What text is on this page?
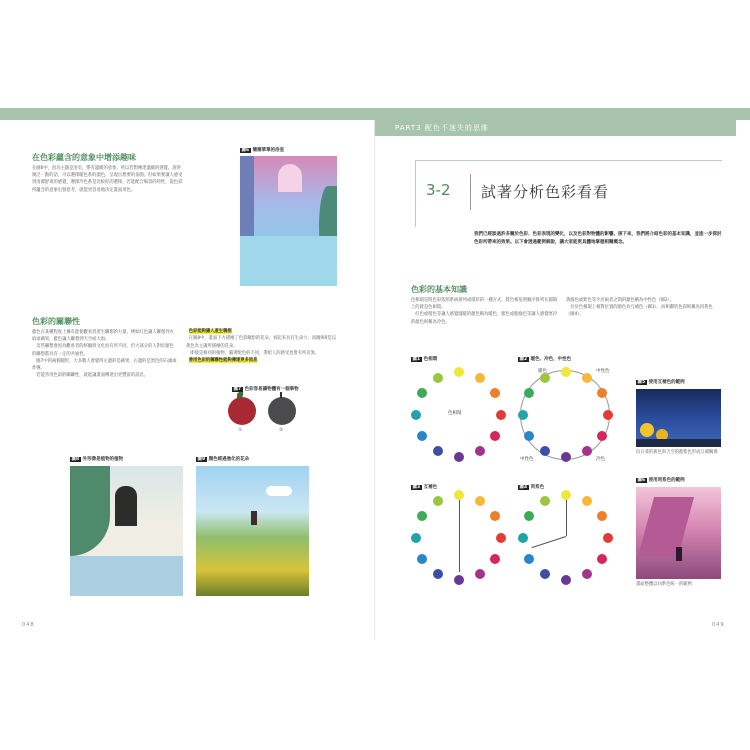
PART3
配色不迷失的思維
在色彩蘊含的意象中增添趣味
在圖6中，因為主題是浴室，帶有溫暖的意象，所以若想傳達溫暖的感覺，說得
廣泛一點的話，可以選擇暖色系的顏色，呈現出想要的氛圍。但如果要讓人感受
到清潔舒爽的感覺，選擇冷色系是比較好的選擇。若能配合場景的特性，從色彩
所蘊含的意象出發思考，就能更容易地決定畫面用色。
圖6 簡簡單單的浴室
色彩的關聯性
顏色在某種程度上擁有能使觀看者產生聯想的力量，例如紅色讓人聯想到火焰或蘋果，藍色讓人聯想到天空或大海。
　這些聯想會因為觀看者的經驗與文化而有所不同，但大部分的人對於顏色的聯想都具有一定的共通性。
　圖7中的兩個圓形，大多數人會覺得左邊的是蘋果，右邊的是黑色的石頭或炸彈。
　若能善用色彩的關聯性，就能讓畫面傳達出更豐富的訊息。

色彩能夠讓人產生聯想
在圖8中，畫面下方描繪了色彩繽紛的花朵，看起來具有生命力；而圖9則是以黃色為主調所描繪的花朵。
　即使是相同的植物，隨著配色的不同，帶給人的感受也會有所差異。
善用色彩的關聯性能夠傳達更多訊息

圖7 色彩容易讓物體有一個事物
①	②
圖8 外形像是植物的植物	圖9 顏色經過強化的花朵
048
3-2 試著分析色彩看看
我們已經談過許多關於色彩、色彩表現的變化，以及色彩對物體的影響。接下來，我們將介紹色彩的基本知識，並進一步探討色彩所帶來的效果。以下會透過範例解說，讓大家能更具體地掌握相關概念。
色彩的基本知識
色相環是將色彩依照系統排列成環狀的一種方式，將色相依照順序排列在圓環上的就是色相環。
　紅色或橙色等讓人感覺溫暖的顏色稱為暖色，藍色或藍綠色等讓人感覺寒冷的顏色則稱為冷色。
黃綠色或紫色等介於兩者之間的顏色稱為中性色（圖2）。
　位於色相環上相對位置的顏色為互補色（圖3），而相鄰的色彩則稱為同系色（圖4）。
圖1 色相環
色相環
圖2 暖色、冷色、中性色
暖色	中性色
中性色	冷色
圖3 互補色	圖4 同系色
圖5 使用互補色的範例
向日葵的黃色與天空的藍紫色形成互補關係
圖6 使用同系色的範例
畫面整體以同系色統一的範例
049
